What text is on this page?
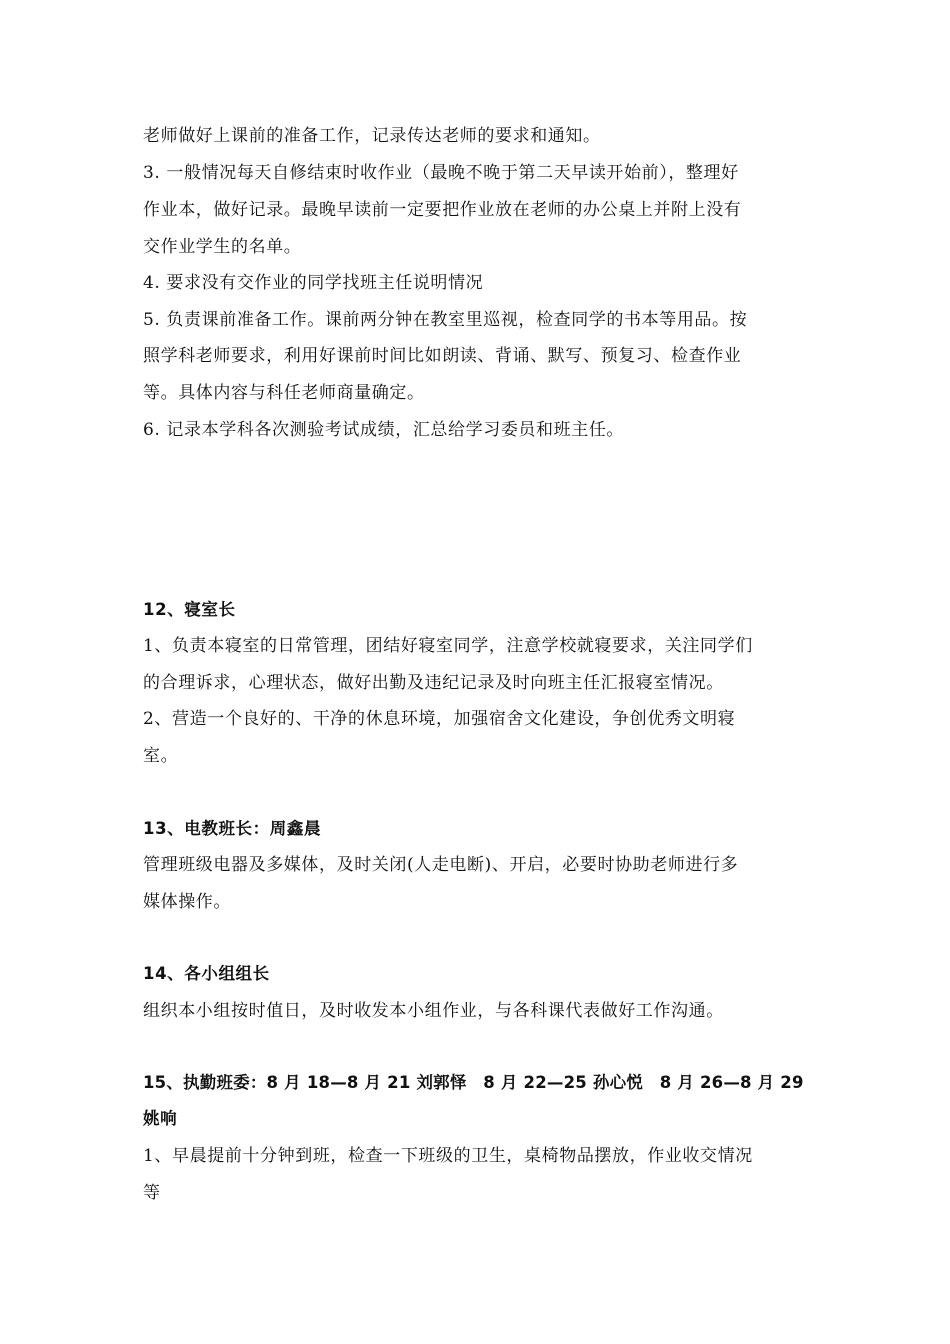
老师做好上课前的准备工作，记录传达老师的要求和通知。
3. 一般情况每天自修结束时收作业（最晚不晚于第二天早读开始前），整理好
作业本，做好记录。最晚早读前一定要把作业放在老师的办公桌上并附上没有
交作业学生的名单。
4. 要求没有交作业的同学找班主任说明情况
5. 负责课前准备工作。课前两分钟在教室里巡视，检查同学的书本等用品。按
照学科老师要求，利用好课前时间比如朗读、背诵、默写、预复习、检查作业
等。具体内容与科任老师商量确定。
6. 记录本学科各次测验考试成绩，汇总给学习委员和班主任。
12、寝室长
1、负责本寝室的日常管理，团结好寝室同学，注意学校就寝要求，关注同学们
的合理诉求，心理状态，做好出勤及违纪记录及时向班主任汇报寝室情况。
2、营造一个良好的、干净的休息环境，加强宿舍文化建设，争创优秀文明寝
室。
13、电教班长：周鑫晨
管理班级电器及多媒体，及时关闭(人走电断)、开启，必要时协助老师进行多
媒体操作。
14、各小组组长
组织本小组按时值日，及时收发本小组作业，与各科课代表做好工作沟通。
15、执勤班委：8 月 18—8 月 21 刘郭怿　8 月 22—25 孙心悦　8 月 26—8 月 29
姚响
1、早晨提前十分钟到班，检查一下班级的卫生，桌椅物品摆放，作业收交情况
等
